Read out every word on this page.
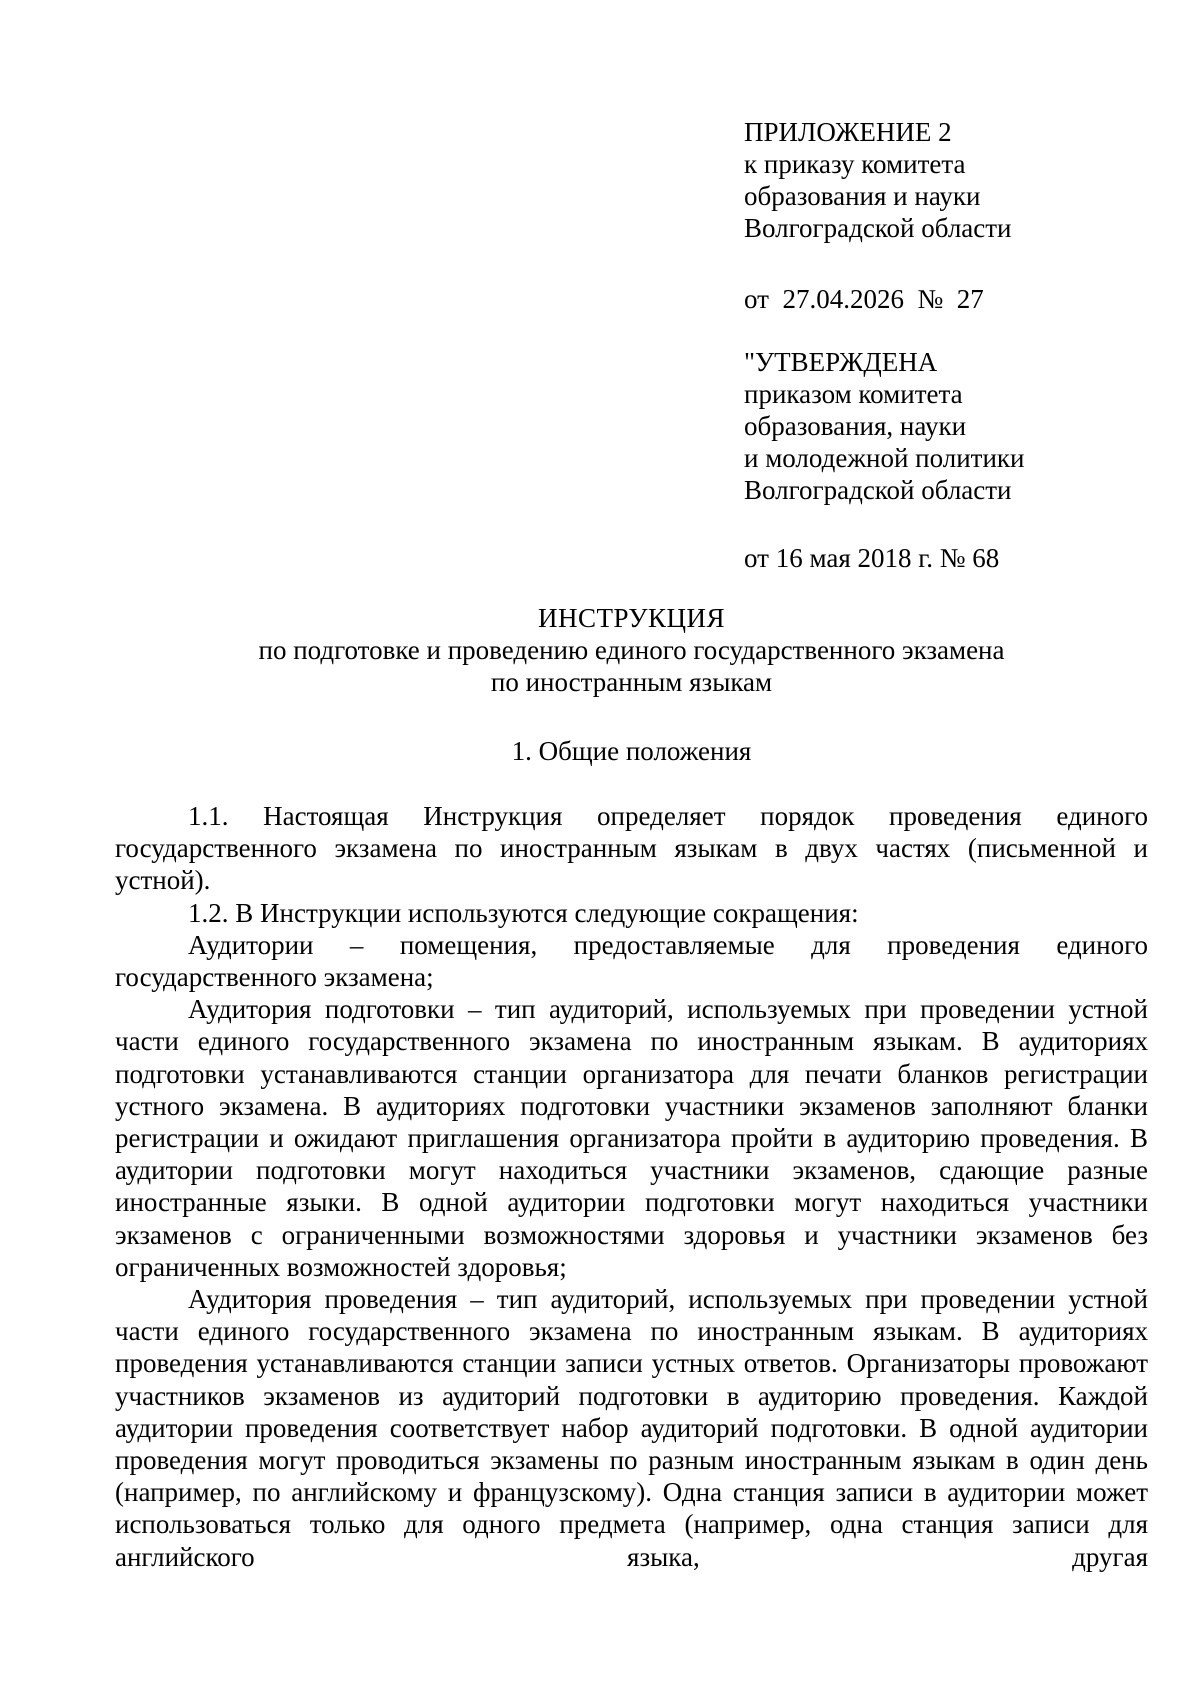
ПРИЛОЖЕНИЕ 2
к приказу комитета
образования и науки
Волгоградской области
от  27.04.2026  №  27
"УТВЕРЖДЕНА
приказом комитета
образования, науки
и молодежной политики
Волгоградской области
от 16 мая 2018 г. № 68
ИНСТРУКЦИЯ
по подготовке и проведению единого государственного экзамена
по иностранным языкам
1. Общие положения

1.1. Настоящая Инструкция определяет порядок проведения единого государственного экзамена по иностранным языкам в двух частях (письменной и устной).

1.2. В Инструкции используются следующие сокращения:

Аудитории – помещения, предоставляемые для проведения единого государственного экзамена;

Аудитория подготовки – тип аудиторий, используемых при проведении устной части единого государственного экзамена по иностранным языкам. В аудиториях подготовки устанавливаются станции организатора для печати бланков регистрации устного экзамена. В аудиториях подготовки участники экзаменов заполняют бланки регистрации и ожидают приглашения организатора пройти в аудиторию проведения. В аудитории подготовки могут находиться участники экзаменов, сдающие разные иностранные языки. В одной аудитории подготовки могут находиться участники экзаменов с ограниченными возможностями здоровья и участники экзаменов без ограниченных возможностей здоровья;

Аудитория проведения – тип аудиторий, используемых при проведении устной части единого государственного экзамена по иностранным языкам. В аудиториях проведения устанавливаются станции записи устных ответов. Организаторы провожают участников экзаменов из аудиторий подготовки в аудиторию проведения. Каждой аудитории проведения соответствует набор аудиторий подготовки. В одной аудитории проведения могут проводиться экзамены по разным иностранным языкам в один день (например, по английскому и французскому). Одна станция записи в аудитории может использоваться только для одного предмета (например, одна станция записи для английского языка, другая
